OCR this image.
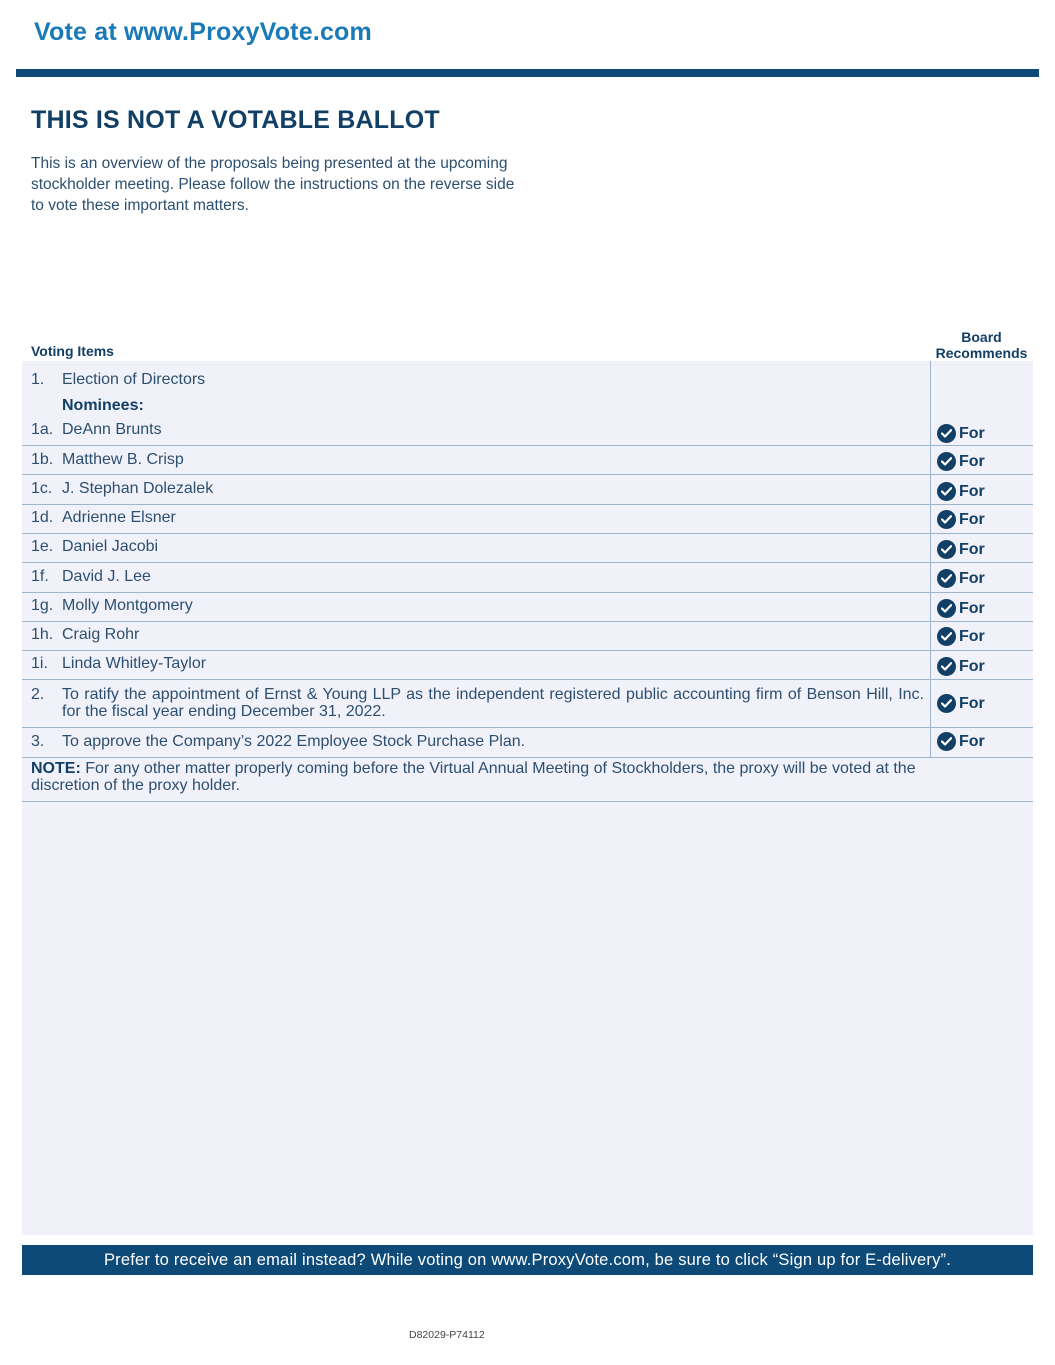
Vote at www.ProxyVote.com
THIS IS NOT A VOTABLE BALLOT
This is an overview of the proposals being presented at the upcoming stockholder meeting. Please follow the instructions on the reverse side to vote these important matters.
Voting Items
Board
Recommends
1. Election of Directors
Nominees:
1a. DeAnn Brunts	For
1b. Matthew B. Crisp	For
1c. J. Stephan Dolezalek	For
1d. Adrienne Elsner	For
1e. Daniel Jacobi	For
1f. David J. Lee	For
1g. Molly Montgomery	For
1h. Craig Rohr	For
1i. Linda Whitley-Taylor	For
2.	To ratify the appointment of Ernst & Young LLP as the independent registered public accounting firm of Benson Hill, Inc. for the fiscal year ending December 31, 2022.	For
3. To approve the Company’s 2022 Employee Stock Purchase Plan.	For
NOTE: For any other matter properly coming before the Virtual Annual Meeting of Stockholders, the proxy will be voted at the discretion of the proxy holder.
Prefer to receive an email instead? While voting on www.ProxyVote.com, be sure to click “Sign up for E-delivery”.
D82029-P74112
